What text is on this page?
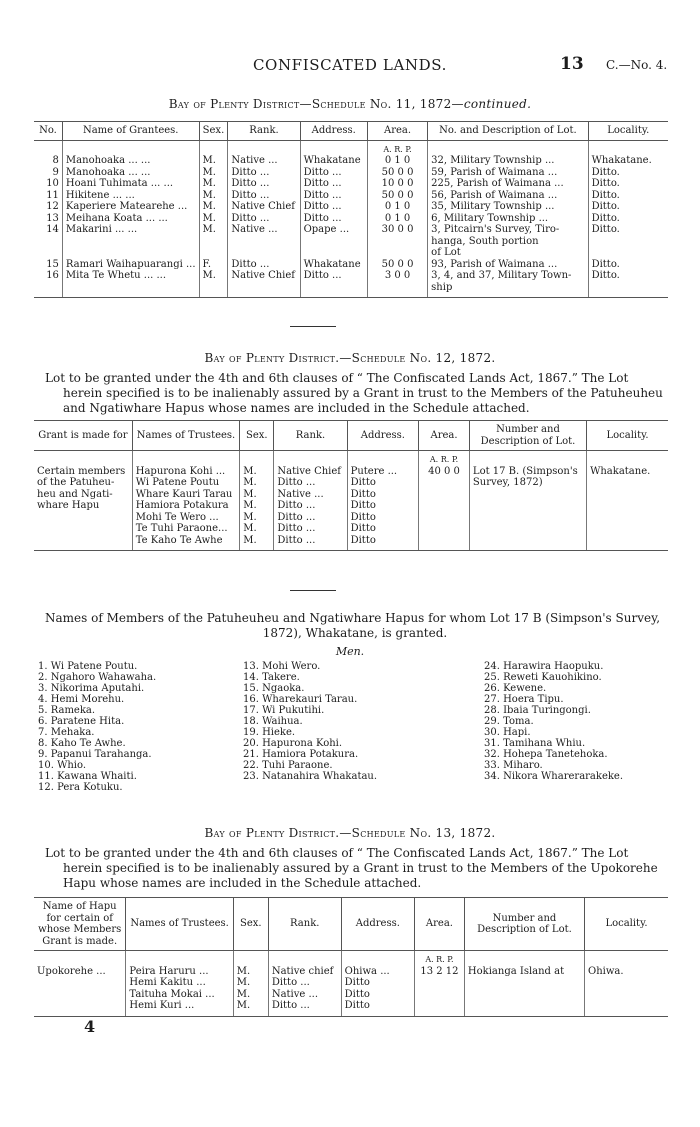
CONFISCATED LANDS.	13 C.—No. 4.
Bay of Plenty District—Schedule No. 11, 1872—continued.
No.	Name of Grantees.	Sex.	Rank.	Address.	Area.	No. and Description of Lot.	Locality.
					A. R. P.		
8	Manohoaka ... ...	M.	Native ...	Whakatane	0 1 0	32, Military Township ...	Whakatane.
9	Manohoaka ... ...	M.	Ditto ...	Ditto ...	50 0 0	59, Parish of Waimana ...	Ditto.
10	Hoani Tuhimata ... ...	M.	Ditto ...	Ditto ...	10 0 0	225, Parish of Waimana ...	Ditto.
11	Hikitene ... ...	M.	Ditto ...	Ditto ...	50 0 0	56, Parish of Waimana ...	Ditto.
12	Kaperiere Matearehe ...	M.	Native Chief	Ditto ...	0 1 0	35, Military Township ...	Ditto.
13	Meihana Koata ... ...	M.	Ditto ...	Ditto ...	0 1 0	6, Military Township ...	Ditto.
14	Makarini ... ...	M.	Native ...	Opape ...	30 0 0	3, Pitcairn's Survey, Tiro-	Ditto.
						hanga, South portion	
						of Lot	
15	Ramari Waihapuarangi ...	F.	Ditto ...	Whakatane	50 0 0	93, Parish of Waimana ...	Ditto.
16	Mita Te Whetu ... ...	M.	Native Chief	Ditto ...	3 0 0	3, 4, and 37, Military Town-	Ditto.
						ship	
Bay of Plenty District.—Schedule No. 12, 1872.
Lot to be granted under the 4th and 6th clauses of “ The Confiscated Lands Act, 1867.” The Lot
herein specified is to be inalienably assured by a Grant in trust to the Members of the Patuheuheu
and Ngatiwhare Hapus whose names are included in the Schedule attached.
Grant is made for	Names of Trustees.	Sex.	Rank.	Address.	Area.	Number and Description of Lot.	Locality.
					A. R. P.		
Certain members	Hapurona Kohi ...	M.	Native Chief	Putere ...	40 0 0	Lot 17 B. (Simpson's	Whakatane.
of the Patuheu-	Wi Patene Poutu	M.	Ditto ...	Ditto		Survey, 1872)	
heu and Ngati-	Whare Kauri Tarau	M.	Native ...	Ditto			
whare Hapu	Hamiora Potakura	M.	Ditto ...	Ditto			
	Mohi Te Wero ...	M.	Ditto ...	Ditto			
	Te Tuhi Paraone...	M.	Ditto ...	Ditto			
	Te Kaho Te Awhe	M.	Ditto ...	Ditto			
Names of Members of the Patuheuheu and Ngatiwhare Hapus for whom Lot 17 B (Simpson's Survey,
1872), Whakatane, is granted.
Men.
1. Wi Patene Poutu.
2. Ngahoro Wahawaha.
3. Nikorima Aputahi.
4. Hemi Morehu.
5. Rameka.
6. Paratene Hita.
7. Mehaka.
8. Kaho Te Awhe.
9. Papanui Tarahanga.
10. Whio.
11. Kawana Whaiti.
12. Pera Kotuku.
13. Mohi Wero.
14. Takere.
15. Ngaoka.
16. Wharekauri Tarau.
17. Wi Pukutihi.
18. Waihua.
19. Hieke.
20. Hapurona Kohi.
21. Hamiora Potakura.
22. Tuhi Paraone.
23. Natanahira Whakatau.
24. Harawira Haopuku.
25. Reweti Kauohikino.
26. Kewene.
27. Hoera Tipu.
28. Ibaia Turingongi.
29. Toma.
30. Hapi.
31. Tamihana Whiu.
32. Hohepa Tanetehoka.
33. Miharo.
34. Nikora Wharerarakeke.
Bay of Plenty District.—Schedule No. 13, 1872.
Lot to be granted under the 4th and 6th clauses of “ The Confiscated Lands Act, 1867.” The Lot
herein specified is to be inalienably assured by a Grant in trust to the Members of the Upokorehe
Hapu whose names are included in the Schedule attached.
Name of Hapu for certain of whose Members Grant is made.	Names of Trustees.	Sex.	Rank.	Address.	Area.	Number and Description of Lot.	Locality.
					A. R. P.		
Upokorehe ...	Peira Haruru ...	M.	Native chief	Ohiwa ...	13 2 12	Hokianga Island at	Ohiwa.
	Hemi Kakitu ...	M.	Ditto ...	Ditto			
	Taituha Mokai ...	M.	Native ...	Ditto			
	Hemi Kuri ...	M.	Ditto ...	Ditto			
4
